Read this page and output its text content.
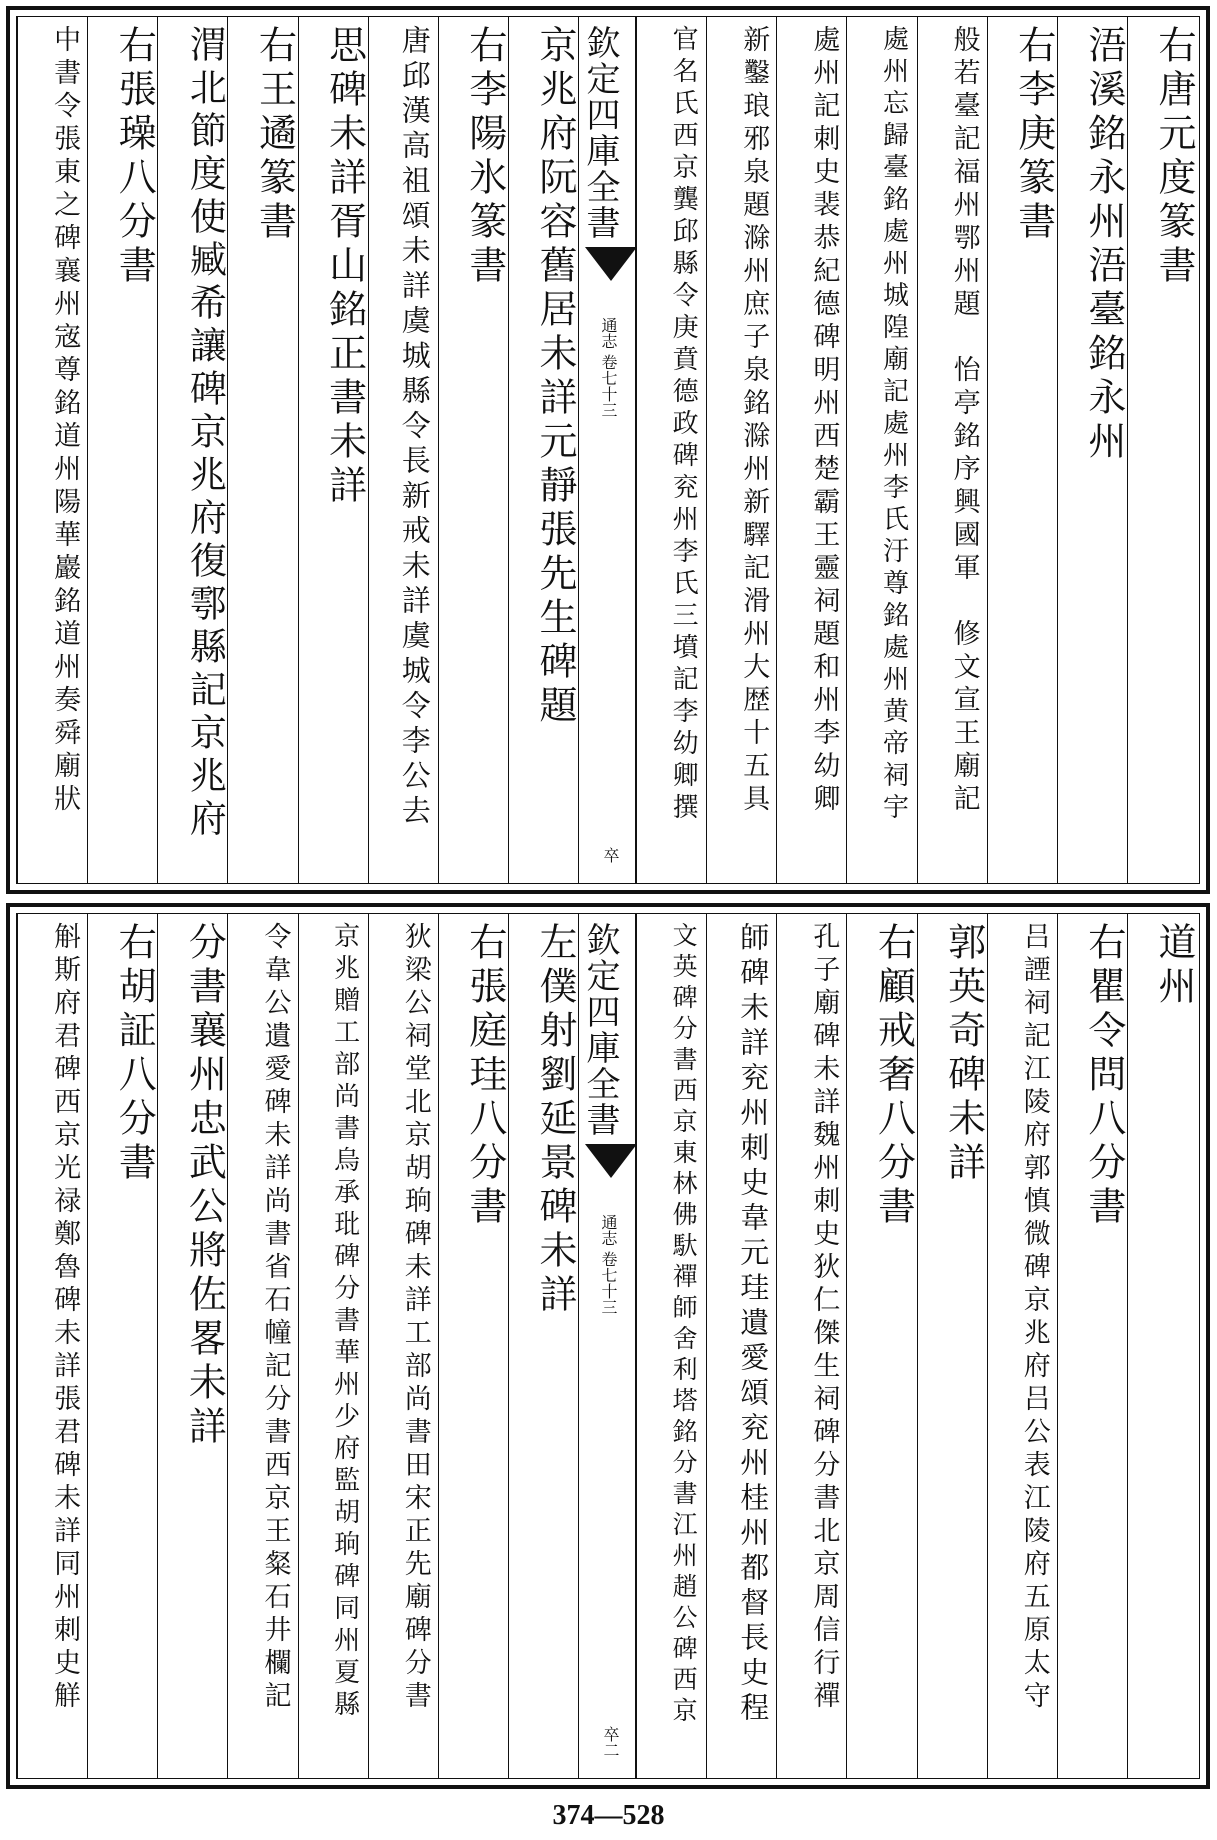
右唐元度篆書
浯溪銘永州浯臺銘永州
右李庚篆書
般若臺記福州鄂州題　怡亭銘序興國軍　修文宣王廟記
處州忘歸臺銘處州城隍廟記處州李氏汙尊銘處州黄帝祠宇
處州記刺史裴恭紀德碑明州西楚霸王靈祠題和州李幼卿
新鑿琅邪泉題滁州庶子泉銘滁州新驛記滑州大歴十五具
官名氏西京龔邱縣令庚賁德政碑兖州李氏三墳記李幼卿撰
欽定四庫全書
通志 卷七十三
卒
京兆府阮容舊居未詳元靜張先生碑題
右李陽氷篆書
唐邱漢高祖頌未詳虞城縣令長新戒未詳虞城令李公去
思碑未詳胥山銘正書未詳
右王遹篆書
渭北節度使臧希讓碑京兆府復鄠縣記京兆府
右張璪八分書
中書令張東之碑襄州宼尊銘道州陽華巖銘道州奏舜廟狀
道州
右瞿令問八分書
吕諲祠記江陵府郭慎微碑京兆府吕公表江陵府五原太守
郭英奇碑未詳
右顧戒奢八分書
孔子廟碑未詳魏州刺史狄仁傑生祠碑分書北京周信行禪
師碑未詳兖州刺史韋元珪遺愛頌兖州桂州都督長史程
文英碑分書西京東林佛馱禪師舍利塔銘分書江州趙公碑西京
欽定四庫全書
通志 卷七十三
卒二
左僕射劉延景碑未詳
右張庭珪八分書
狄梁公祠堂北京胡珦碑未詳工部尚書田宋正先廟碑分書
京兆贈工部尚書烏承玭碑分書華州少府監胡珦碑同州夏縣
令韋公遺愛碑未詳尚書省石幢記分書西京王粲石井欄記
分書襄州忠武公將佐畧未詳
右胡証八分書
斛斯府君碑西京光禄鄭魯碑未詳張君碑未詳同州刺史觧
374—528
